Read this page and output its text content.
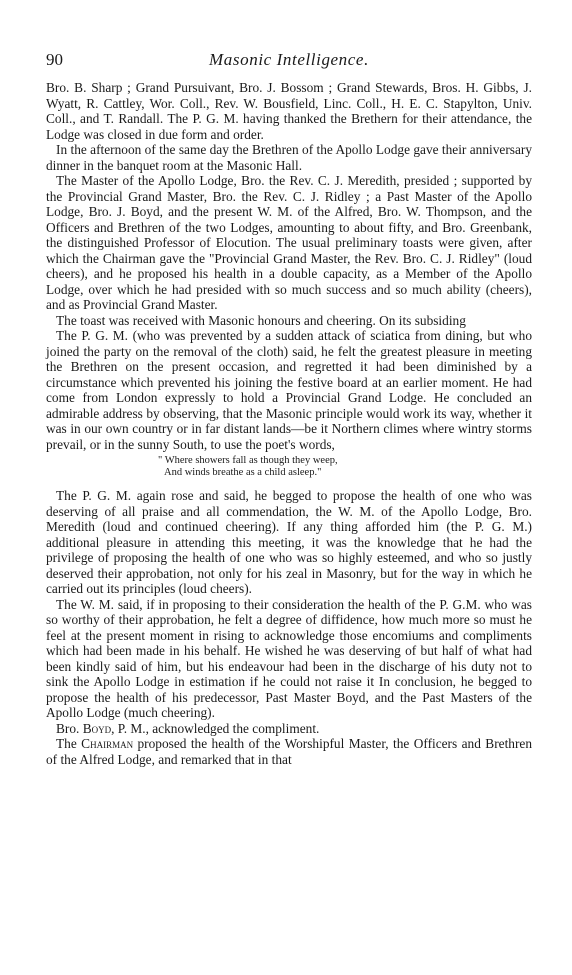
90	Masonic Intelligence.

Bro. B. Sharp ; Grand Pursuivant, Bro. J. Bossom ; Grand Stewards, Bros. H. Gibbs, J. Wyatt, R. Cattley, Wor. Coll., Rev. W. Bousfield, Linc. Coll., H. E. C. Stapylton, Univ. Coll., and T. Randall. The P. G. M. having thanked the Brethern for their attendance, the Lodge was closed in due form and order.

In the afternoon of the same day the Brethren of the Apollo Lodge gave their anniversary dinner in the banquet room at the Masonic Hall.

The Master of the Apollo Lodge, Bro. the Rev. C. J. Meredith, presided ; supported by the Provincial Grand Master, Bro. the Rev. C. J. Ridley ; a Past Master of the Apollo Lodge, Bro. J. Boyd, and the present W. M. of the Alfred, Bro. W. Thompson, and the Officers and Brethren of the two Lodges, amounting to about fifty, and Bro. Greenbank, the distinguished Professor of Elocution. The usual preliminary toasts were given, after which the Chairman gave the "Provincial Grand Master, the Rev. Bro. C. J. Ridley" (loud cheers), and he proposed his health in a double capacity, as a Member of the Apollo Lodge, over which he had presided with so much success and so much ability (cheers), and as Provincial Grand Master.

The toast was received with Masonic honours and cheering. On its subsiding

The P. G. M. (who was prevented by a sudden attack of sciatica from dining, but who joined the party on the removal of the cloth) said, he felt the greatest pleasure in meeting the Brethren on the present occasion, and regretted it had been diminished by a circumstance which prevented his joining the festive board at an earlier moment. He had come from London expressly to hold a Provincial Grand Lodge. He concluded an admirable address by observing, that the Masonic principle would work its way, whether it was in our own country or in far distant lands—be it Northern climes where wintry storms prevail, or in the sunny South, to use the poet's words,

" Where showers fall as though they weep,
And winds breathe as a child asleep."

The P. G. M. again rose and said, he begged to propose the health of one who was deserving of all praise and all commendation, the W. M. of the Apollo Lodge, Bro. Meredith (loud and continued cheering). If any thing afforded him (the P. G. M.) additional pleasure in attending this meeting, it was the knowledge that he had the privilege of proposing the health of one who was so highly esteemed, and who so justly deserved their approbation, not only for his zeal in Masonry, but for the way in which he carried out its principles (loud cheers).

The W. M. said, if in proposing to their consideration the health of the P. G.M. who was so worthy of their approbation, he felt a degree of diffidence, how much more so must he feel at the present moment in rising to acknowledge those encomiums and compliments which had been made in his behalf. He wished he was deserving of but half of what had been kindly said of him, but his endeavour had been in the discharge of his duty not to sink the Apollo Lodge in estimation if he could not raise it In conclusion, he begged to propose the health of his predecessor, Past Master Boyd, and the Past Masters of the Apollo Lodge (much cheering).

Bro. Boyd, P. M., acknowledged the compliment.

The Chairman proposed the health of the Worshipful Master, the Officers and Brethren of the Alfred Lodge, and remarked that in that
